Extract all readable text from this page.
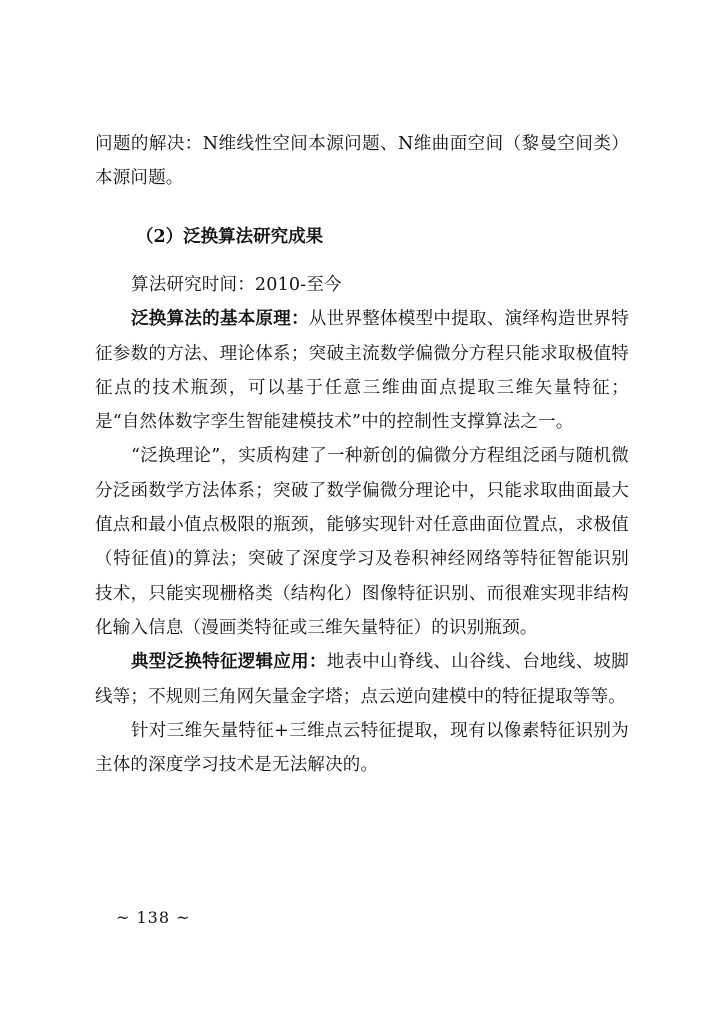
问题的解决：N维线性空间本源问题、N维曲面空间（黎曼空间类）本源问题。

（2）泛换算法研究成果

算法研究时间：2010-至今

泛换算法的基本原理：从世界整体模型中提取、演绎构造世界特征参数的方法、理论体系；突破主流数学偏微分方程只能求取极值特征点的技术瓶颈，可以基于任意三维曲面点提取三维矢量特征；是“自然体数字孪生智能建模技术”中的控制性支撑算法之一。

“泛换理论”，实质构建了一种新创的偏微分方程组泛函与随机微分泛函数学方法体系；突破了数学偏微分理论中，只能求取曲面最大值点和最小值点极限的瓶颈，能够实现针对任意曲面位置点，求极值（特征值)的算法；突破了深度学习及卷积神经网络等特征智能识别技术，只能实现栅格类（结构化）图像特征识别、而很难实现非结构化输入信息（漫画类特征或三维矢量特征）的识别瓶颈。

典型泛换特征逻辑应用：地表中山脊线、山谷线、台地线、坡脚线等；不规则三角网矢量金字塔；点云逆向建模中的特征提取等等。

针对三维矢量特征+三维点云特征提取，现有以像素特征识别为主体的深度学习技术是无法解决的。

~ 138 ~
